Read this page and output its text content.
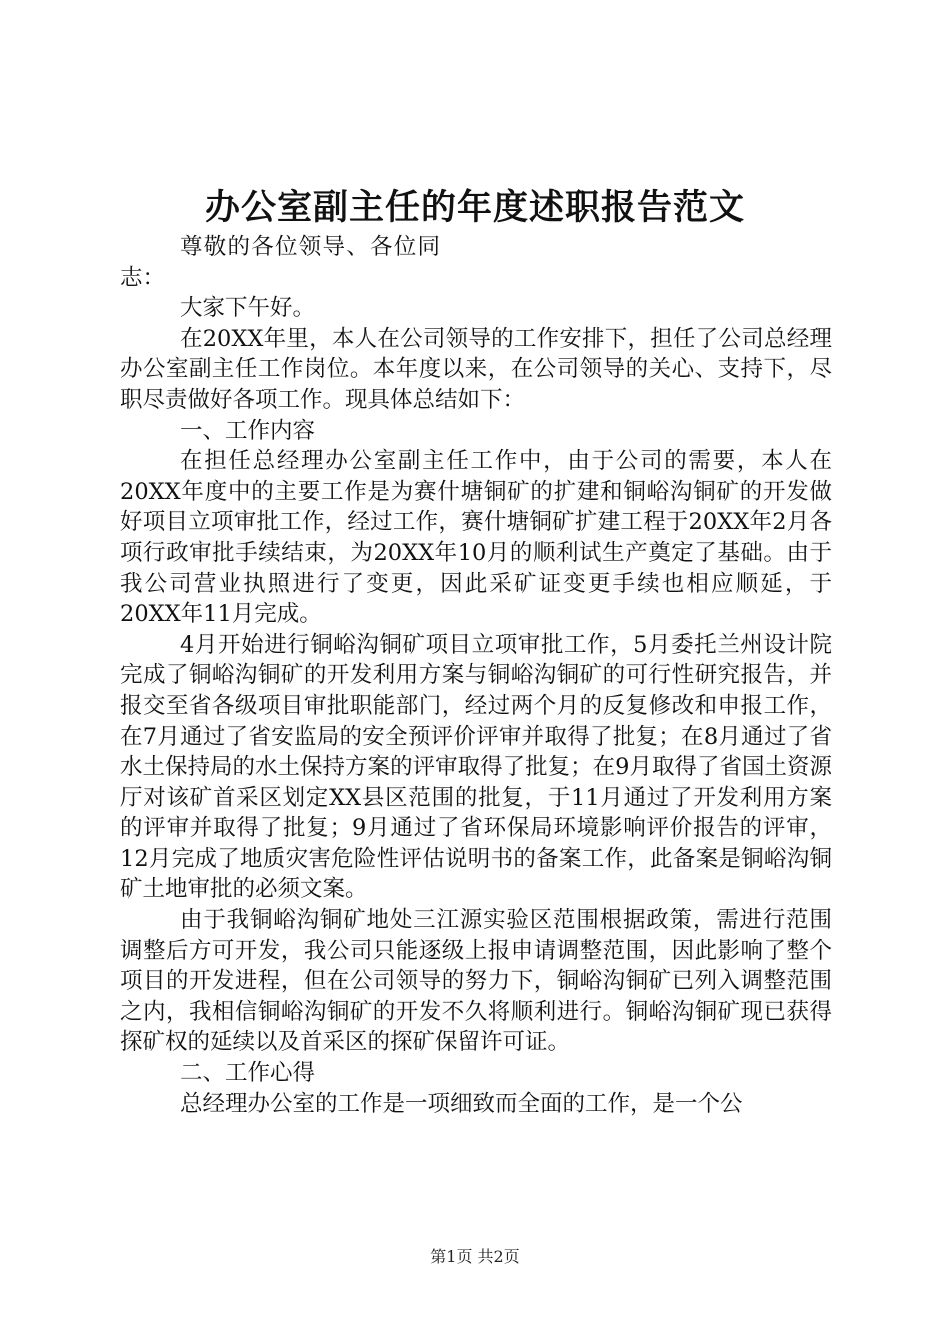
办公室副主任的年度述职报告范文

尊敬的各位领导、各位同志：

大家下午好。

在20XX年里，本人在公司领导的工作安排下，担任了公司总经理办公室副主任工作岗位。本年度以来，在公司领导的关心、支持下，尽职尽责做好各项工作。现具体总结如下：

一、工作内容

在担任总经理办公室副主任工作中，由于公司的需要，本人在20XX年度中的主要工作是为赛什塘铜矿的扩建和铜峪沟铜矿的开发做好项目立项审批工作，经过工作，赛什塘铜矿扩建工程于20XX年2月各项行政审批手续结束，为20XX年10月的顺利试生产奠定了基础。由于我公司营业执照进行了变更，因此采矿证变更手续也相应顺延，于20XX年11月完成。

4月开始进行铜峪沟铜矿项目立项审批工作，5月委托兰州设计院完成了铜峪沟铜矿的开发利用方案与铜峪沟铜矿的可行性研究报告，并报交至省各级项目审批职能部门，经过两个月的反复修改和申报工作，在7月通过了省安监局的安全预评价评审并取得了批复；在8月通过了省水土保持局的水土保持方案的评审取得了批复；在9月取得了省国土资源厅对该矿首采区划定XX县区范围的批复，于11月通过了开发利用方案的评审并取得了批复；9月通过了省环保局环境影响评价报告的评审，12月完成了地质灾害危险性评估说明书的备案工作，此备案是铜峪沟铜矿土地审批的必须文案。

由于我铜峪沟铜矿地处三江源实验区范围根据政策，需进行范围调整后方可开发，我公司只能逐级上报申请调整范围，因此影响了整个项目的开发进程，但在公司领导的努力下，铜峪沟铜矿已列入调整范围之内，我相信铜峪沟铜矿的开发不久将顺利进行。铜峪沟铜矿现已获得探矿权的延续以及首采区的探矿保留许可证。

二、工作心得

总经理办公室的工作是一项细致而全面的工作，是一个公

第1页 共2页
